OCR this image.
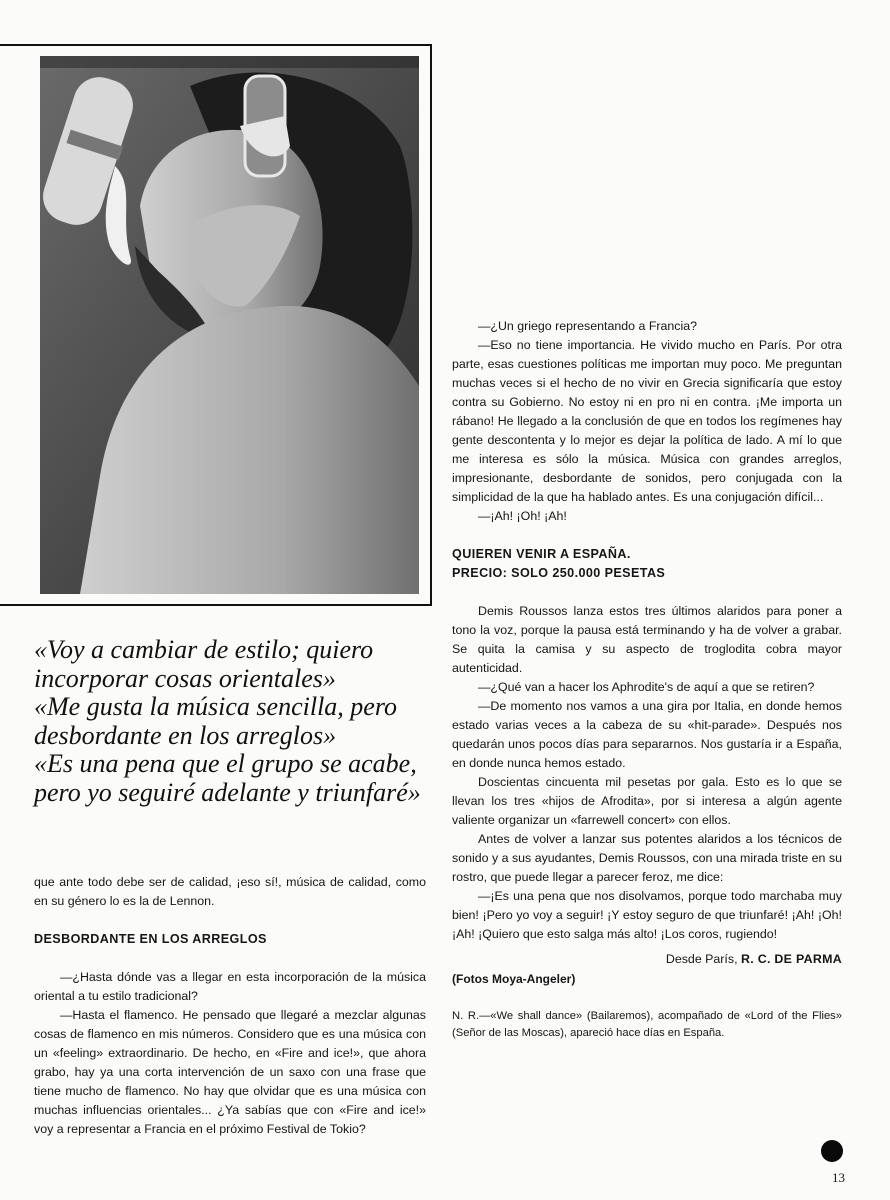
«Voy a cambiar de estilo; quiero incorporar cosas orientales»

«Me gusta la música sencilla, pero desbordante en los arreglos»

«Es una pena que el grupo se acabe, pero yo seguiré adelante y triunfaré»

que ante todo debe ser de calidad, ¡eso sí!, música de calidad, como en su género lo es la de Lennon.

DESBORDANTE EN LOS ARREGLOS

—¿Hasta dónde vas a llegar en esta incorporación de la música oriental a tu estilo tradicional?

—Hasta el flamenco. He pensado que llegaré a mezclar algunas cosas de flamenco en mis números. Considero que es una música con un «feeling» extraordinario. De hecho, en «Fire and ice!», que ahora grabo, hay ya una corta intervención de un saxo con una frase que tiene mucho de flamenco. No hay que olvidar que es una música con muchas influencias orientales... ¿Ya sabías que con «Fire and ice!» voy a representar a Francia en el próximo Festival de Tokio?

—¿Un griego representando a Francia?

—Eso no tiene importancia. He vivido mucho en París. Por otra parte, esas cuestiones políticas me importan muy poco. Me preguntan muchas veces si el hecho de no vivir en Grecia significaría que estoy contra su Gobierno. No estoy ni en pro ni en contra. ¡Me importa un rábano! He llegado a la conclusión de que en todos los regímenes hay gente descontenta y lo mejor es dejar la política de lado. A mí lo que me interesa es sólo la música. Música con grandes arreglos, impresionante, desbordante de sonidos, pero conjugada con la simplicidad de la que ha hablado antes. Es una conjugación difícil...

—¡Ah! ¡Oh! ¡Ah!

QUIEREN VENIR A ESPAÑA.
PRECIO: SOLO 250.000 PESETAS

Demis Roussos lanza estos tres últimos alaridos para poner a tono la voz, porque la pausa está terminando y ha de volver a grabar. Se quita la camisa y su aspecto de troglodita cobra mayor autenticidad.

—¿Qué van a hacer los Aphrodite's de aquí a que se retiren?

—De momento nos vamos a una gira por Italia, en donde hemos estado varias veces a la cabeza de su «hit-parade». Después nos quedarán unos pocos días para separarnos. Nos gustaría ir a España, en donde nunca hemos estado.

Doscientas cincuenta mil pesetas por gala. Esto es lo que se llevan los tres «hijos de Afrodita», por si interesa a algún agente valiente organizar un «farrewell concert» con ellos.

Antes de volver a lanzar sus potentes alaridos a los técnicos de sonido y a sus ayudantes, Demis Roussos, con una mirada triste en su rostro, que puede llegar a parecer feroz, me dice:

—¡Es una pena que nos disolvamos, porque todo marchaba muy bien! ¡Pero yo voy a seguir! ¡Y estoy seguro de que triunfaré! ¡Ah! ¡Oh! ¡Ah! ¡Quiero que esto salga más alto! ¡Los coros, rugiendo!

Desde París, R. C. DE PARMA
(Fotos Moya-Angeler)

N. R.—«We shall dance» (Bailaremos), acompañado de «Lord of the Flies» (Señor de las Moscas), apareció hace días en España.

13
